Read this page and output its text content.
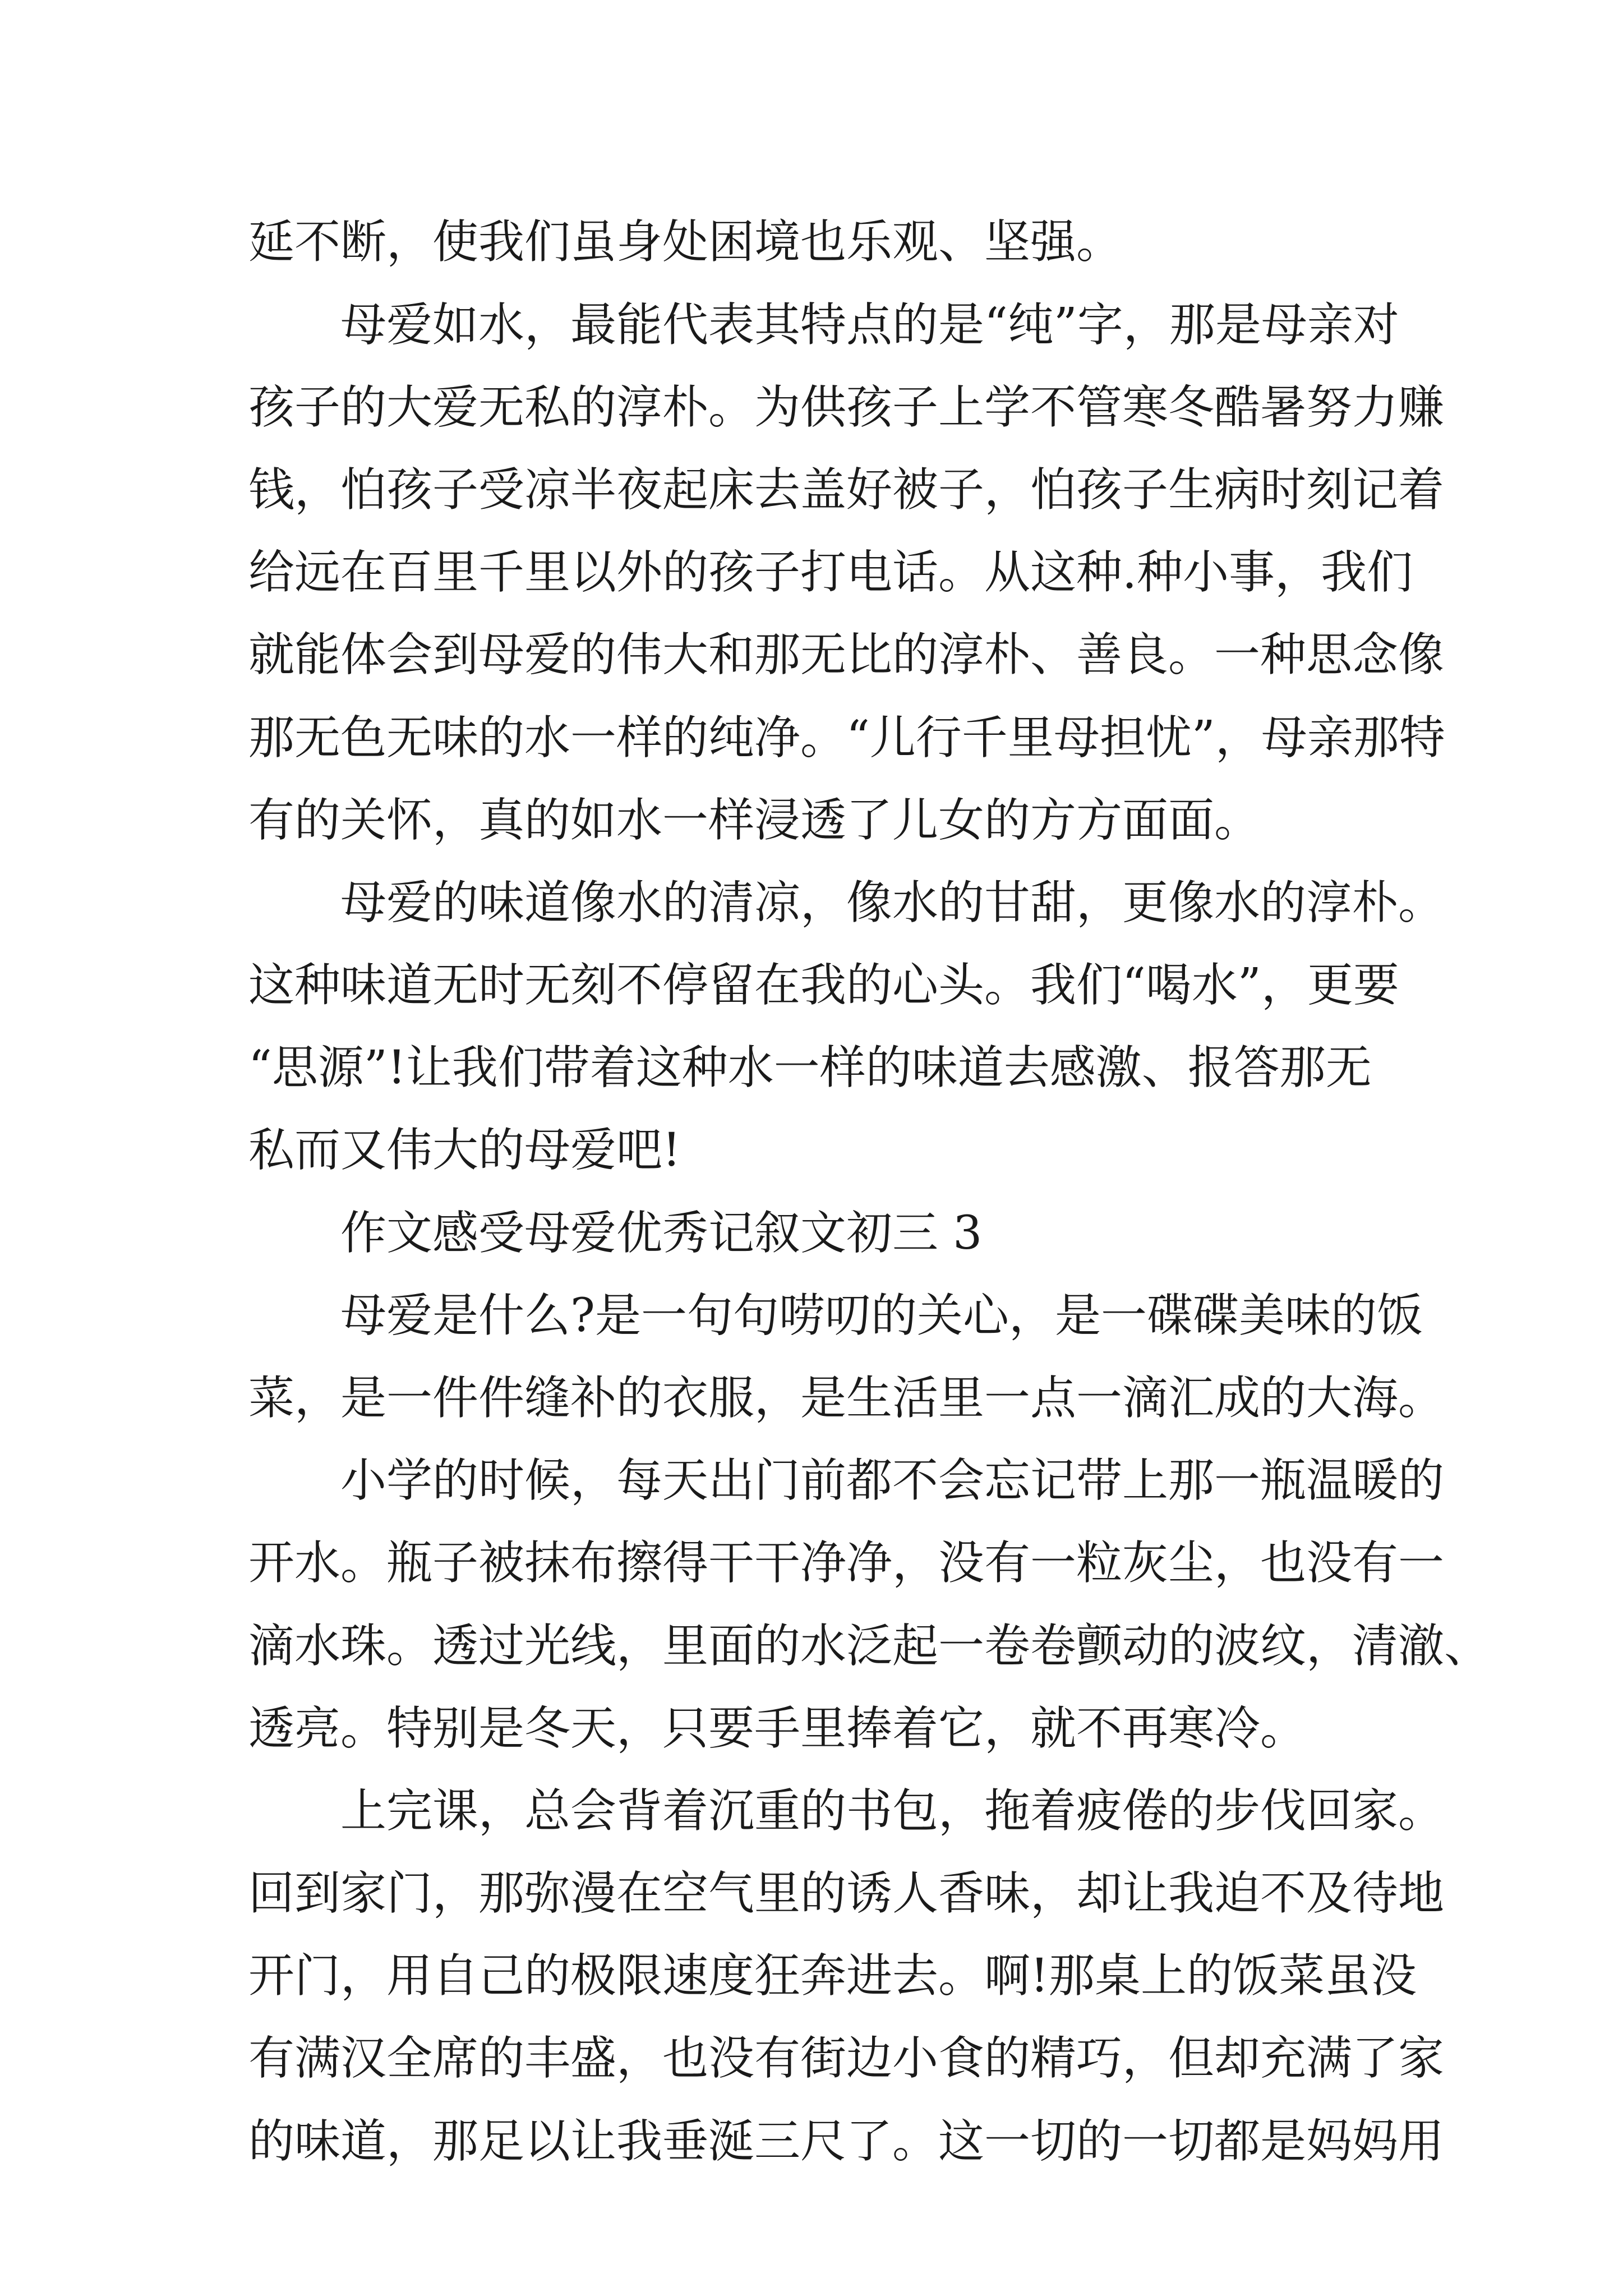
延不断，使我们虽身处困境也乐观、坚强。

　　母爱如水，最能代表其特点的是“纯”字，那是母亲对

孩子的大爱无私的淳朴。为供孩子上学不管寒冬酷暑努力赚

钱，怕孩子受凉半夜起床去盖好被子，怕孩子生病时刻记着

给远在百里千里以外的孩子打电话。从这种.种小事，我们

就能体会到母爱的伟大和那无比的淳朴、善良。一种思念像

那无色无味的水一样的纯净。“儿行千里母担忧”，母亲那特

有的关怀，真的如水一样浸透了儿女的方方面面。

　　母爱的味道像水的清凉，像水的甘甜，更像水的淳朴。

这种味道无时无刻不停留在我的心头。我们“喝水”，更要

“思源”!让我们带着这种水一样的味道去感激、报答那无

私而又伟大的母爱吧!

　　作文感受母爱优秀记叙文初三 3

　　母爱是什么?是一句句唠叨的关心，是一碟碟美味的饭

菜，是一件件缝补的衣服，是生活里一点一滴汇成的大海。

　　小学的时候，每天出门前都不会忘记带上那一瓶温暖的

开水。瓶子被抹布擦得干干净净，没有一粒灰尘，也没有一

滴水珠。透过光线，里面的水泛起一卷卷颤动的波纹，清澈、

透亮。特别是冬天，只要手里捧着它，就不再寒冷。

　　上完课，总会背着沉重的书包，拖着疲倦的步伐回家。

回到家门，那弥漫在空气里的诱人香味，却让我迫不及待地

开门，用自己的极限速度狂奔进去。啊!那桌上的饭菜虽没

有满汉全席的丰盛，也没有街边小食的精巧，但却充满了家

的味道，那足以让我垂涎三尺了。这一切的一切都是妈妈用
